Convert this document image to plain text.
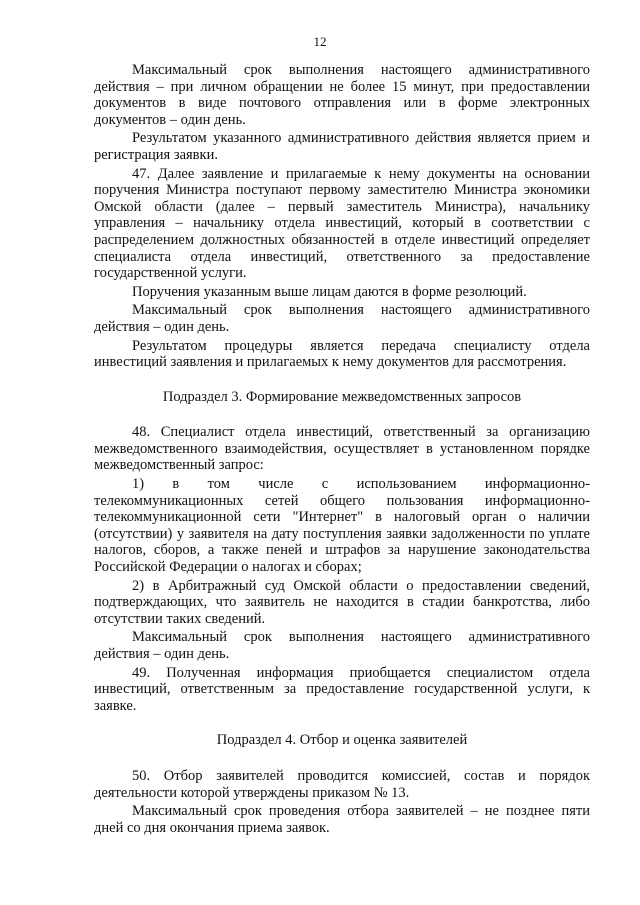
12

Максимальный срок выполнения настоящего административного действия – при личном обращении не более 15 минут, при предоставлении документов в виде почтового отправления или в форме электронных документов – один день.

Результатом указанного административного действия является прием и регистрация заявки.

47. Далее заявление и прилагаемые к нему документы на основании поручения Министра поступают первому заместителю Министра экономики Омской области (далее – первый заместитель Министра), начальнику управления – начальнику отдела инвестиций, который в соответствии с распределением должностных обязанностей в отделе инвестиций определяет специалиста отдела инвестиций, ответственного за предоставление государственной услуги.

Поручения указанным выше лицам даются в форме резолюций.

Максимальный срок выполнения настоящего административного действия – один день.

Результатом процедуры является передача специалисту отдела инвестиций заявления и прилагаемых к нему документов для рассмотрения.

Подраздел 3. Формирование межведомственных запросов

48. Специалист отдела инвестиций, ответственный за организацию межведомственного взаимодействия, осуществляет в установленном порядке межведомственный запрос:

1) в том числе с использованием информационно-телекоммуникационных сетей общего пользования информационно-телекоммуникационной сети "Интернет" в налоговый орган о наличии (отсутствии) у заявителя на дату поступления заявки задолженности по уплате налогов, сборов, а также пеней и штрафов за нарушение законодательства Российской Федерации о налогах и сборах;

2) в Арбитражный суд Омской области о предоставлении сведений, подтверждающих, что заявитель не находится в стадии банкротства, либо отсутствии таких сведений.

Максимальный срок выполнения настоящего административного действия – один день.

49. Полученная информация приобщается специалистом отдела инвестиций, ответственным за предоставление государственной услуги, к заявке.

Подраздел 4. Отбор и оценка заявителей

50. Отбор заявителей проводится комиссией, состав и порядок деятельности которой утверждены приказом № 13.

Максимальный срок проведения отбора заявителей – не позднее пяти дней со дня окончания приема заявок.
